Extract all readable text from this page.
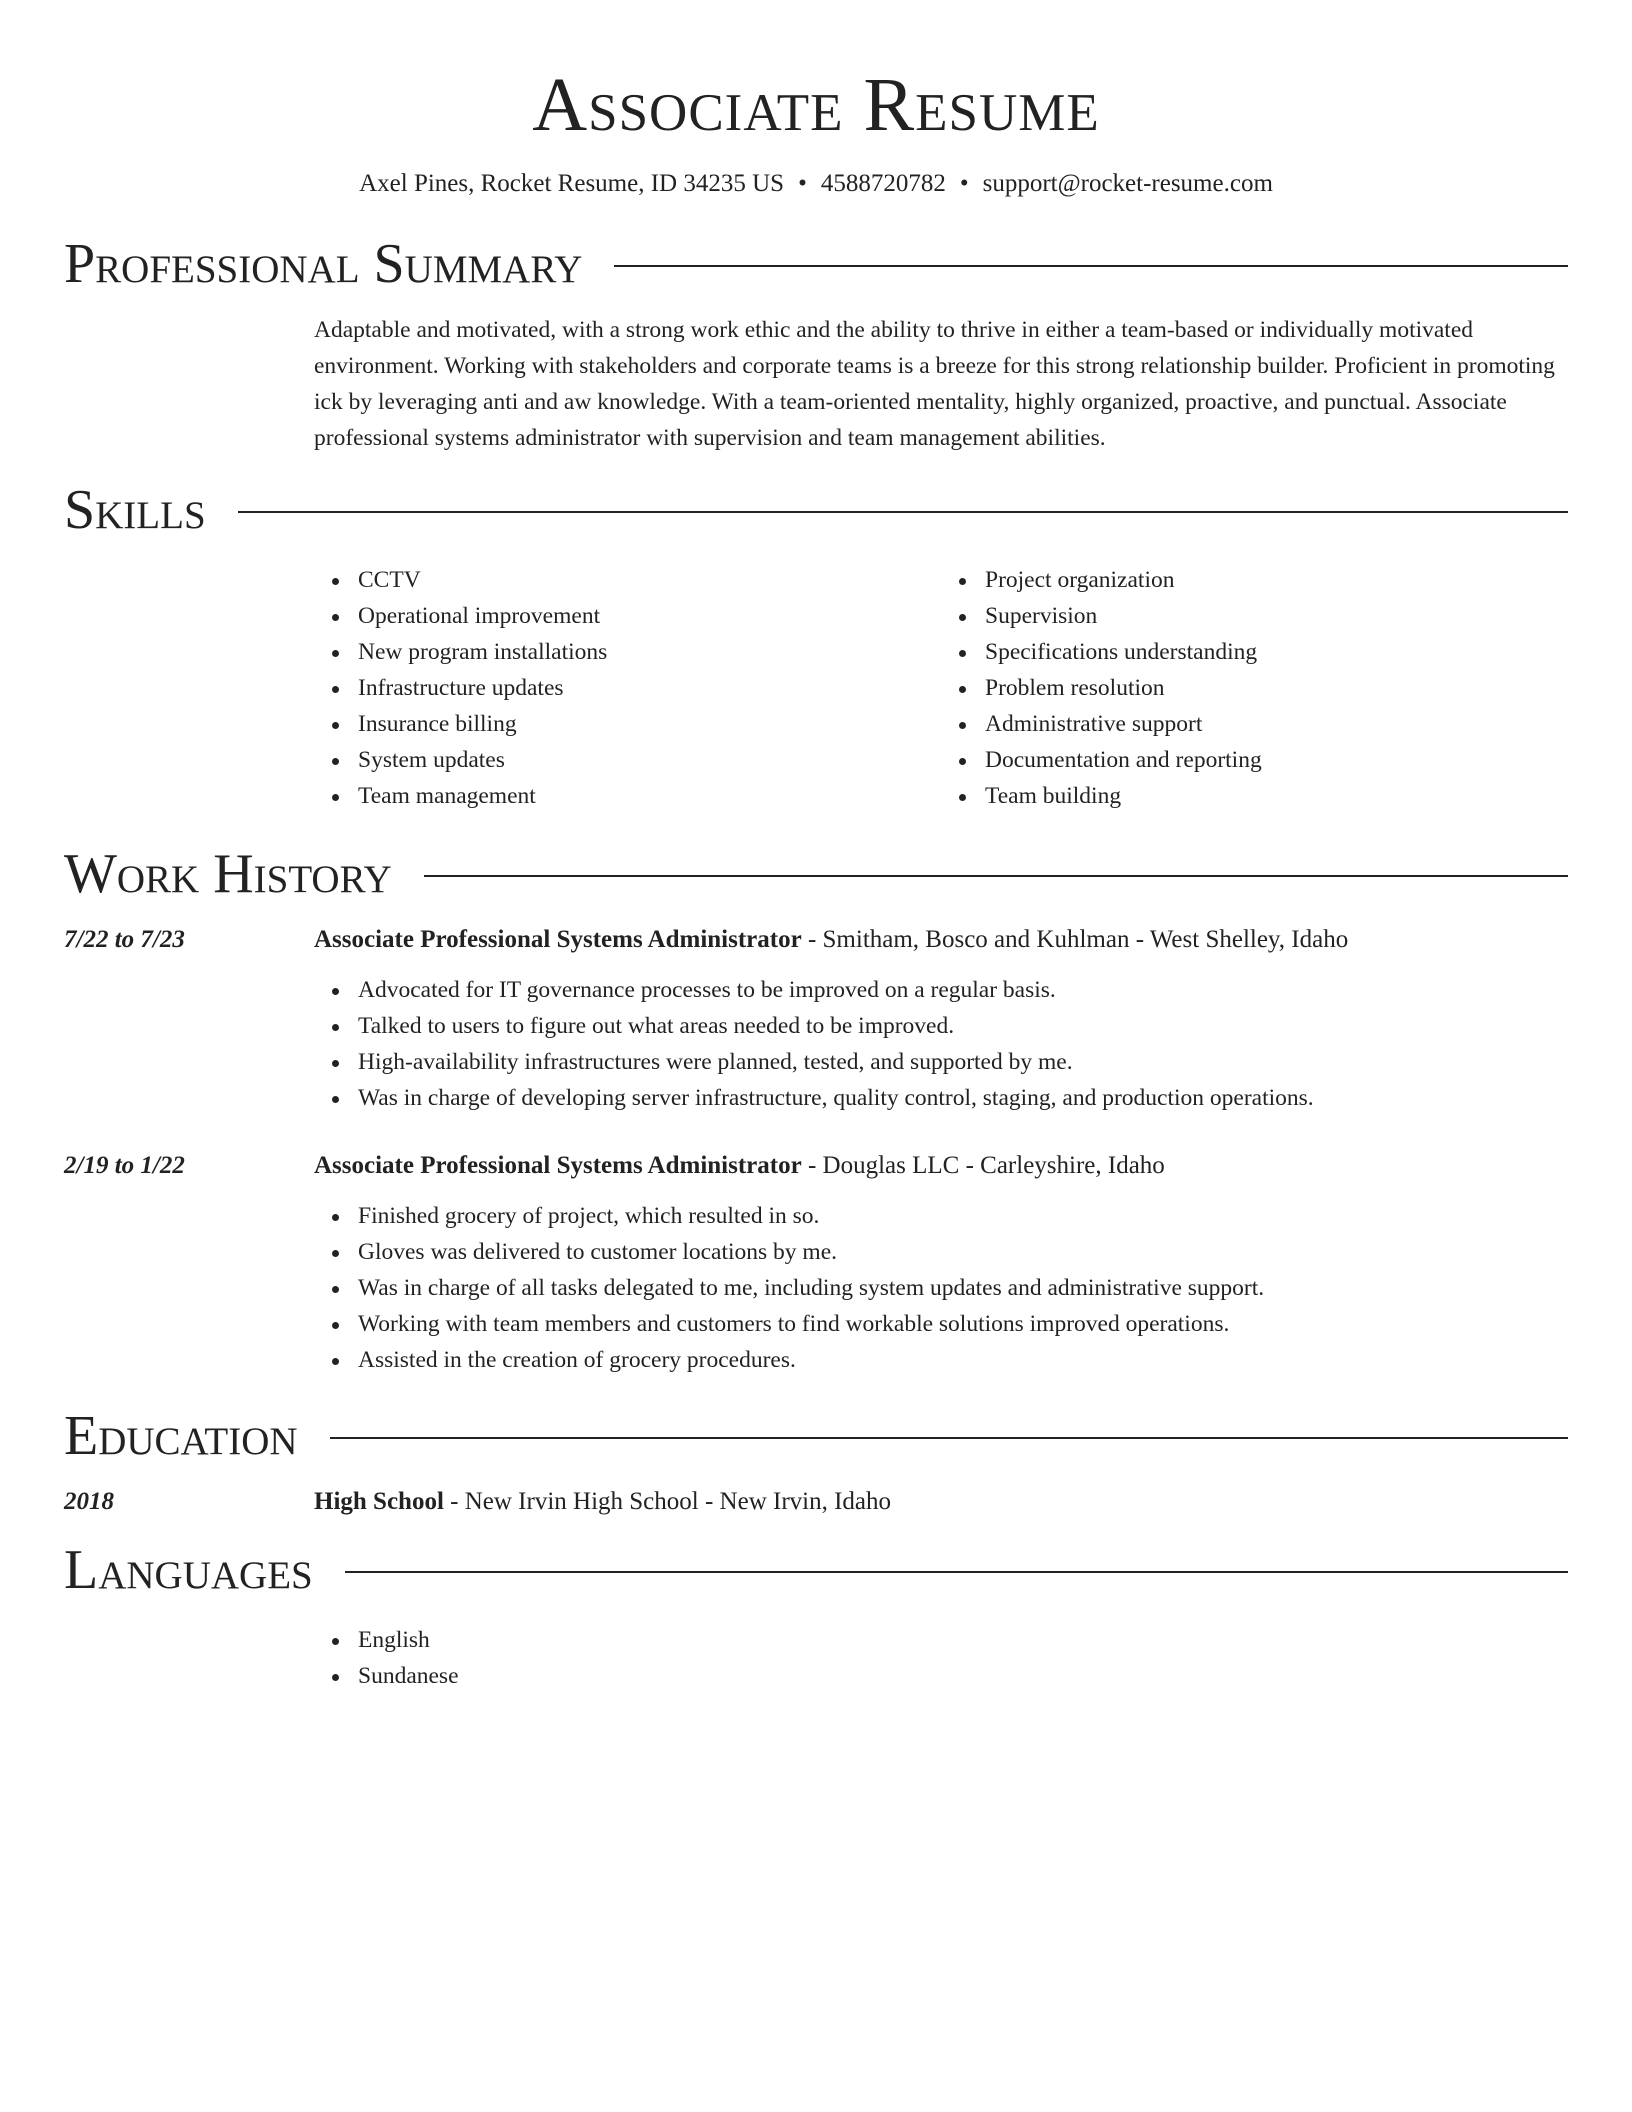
Associate Resume
Axel Pines, Rocket Resume, ID 34235 US • 4588720782 • support@rocket-resume.com
Professional Summary

Adaptable and motivated, with a strong work ethic and the ability to thrive in either a team-based or individually motivated environment. Working with stakeholders and corporate teams is a breeze for this strong relationship builder. Proficient in promoting ick by leveraging anti and aw knowledge. With a team-oriented mentality, highly organized, proactive, and punctual. Associate professional systems administrator with supervision and team management abilities.

Skills
CCTV
Operational improvement
New program installations
Infrastructure updates
Insurance billing
System updates
Team management
Project organization
Supervision
Specifications understanding
Problem resolution
Administrative support
Documentation and reporting
Team building
Work History
7/22 to 7/23	Associate Professional Systems Administrator - Smitham, Bosco and Kuhlman - West Shelley, Idaho
Advocated for IT governance processes to be improved on a regular basis.
Talked to users to figure out what areas needed to be improved.
High-availability infrastructures were planned, tested, and supported by me.
Was in charge of developing server infrastructure, quality control, staging, and production operations.
2/19 to 1/22	Associate Professional Systems Administrator - Douglas LLC - Carleyshire, Idaho
Finished grocery of project, which resulted in so.
Gloves was delivered to customer locations by me.
Was in charge of all tasks delegated to me, including system updates and administrative support.
Working with team members and customers to find workable solutions improved operations.
Assisted in the creation of grocery procedures.
Education
2018	High School - New Irvin High School - New Irvin, Idaho
Languages
English
Sundanese
